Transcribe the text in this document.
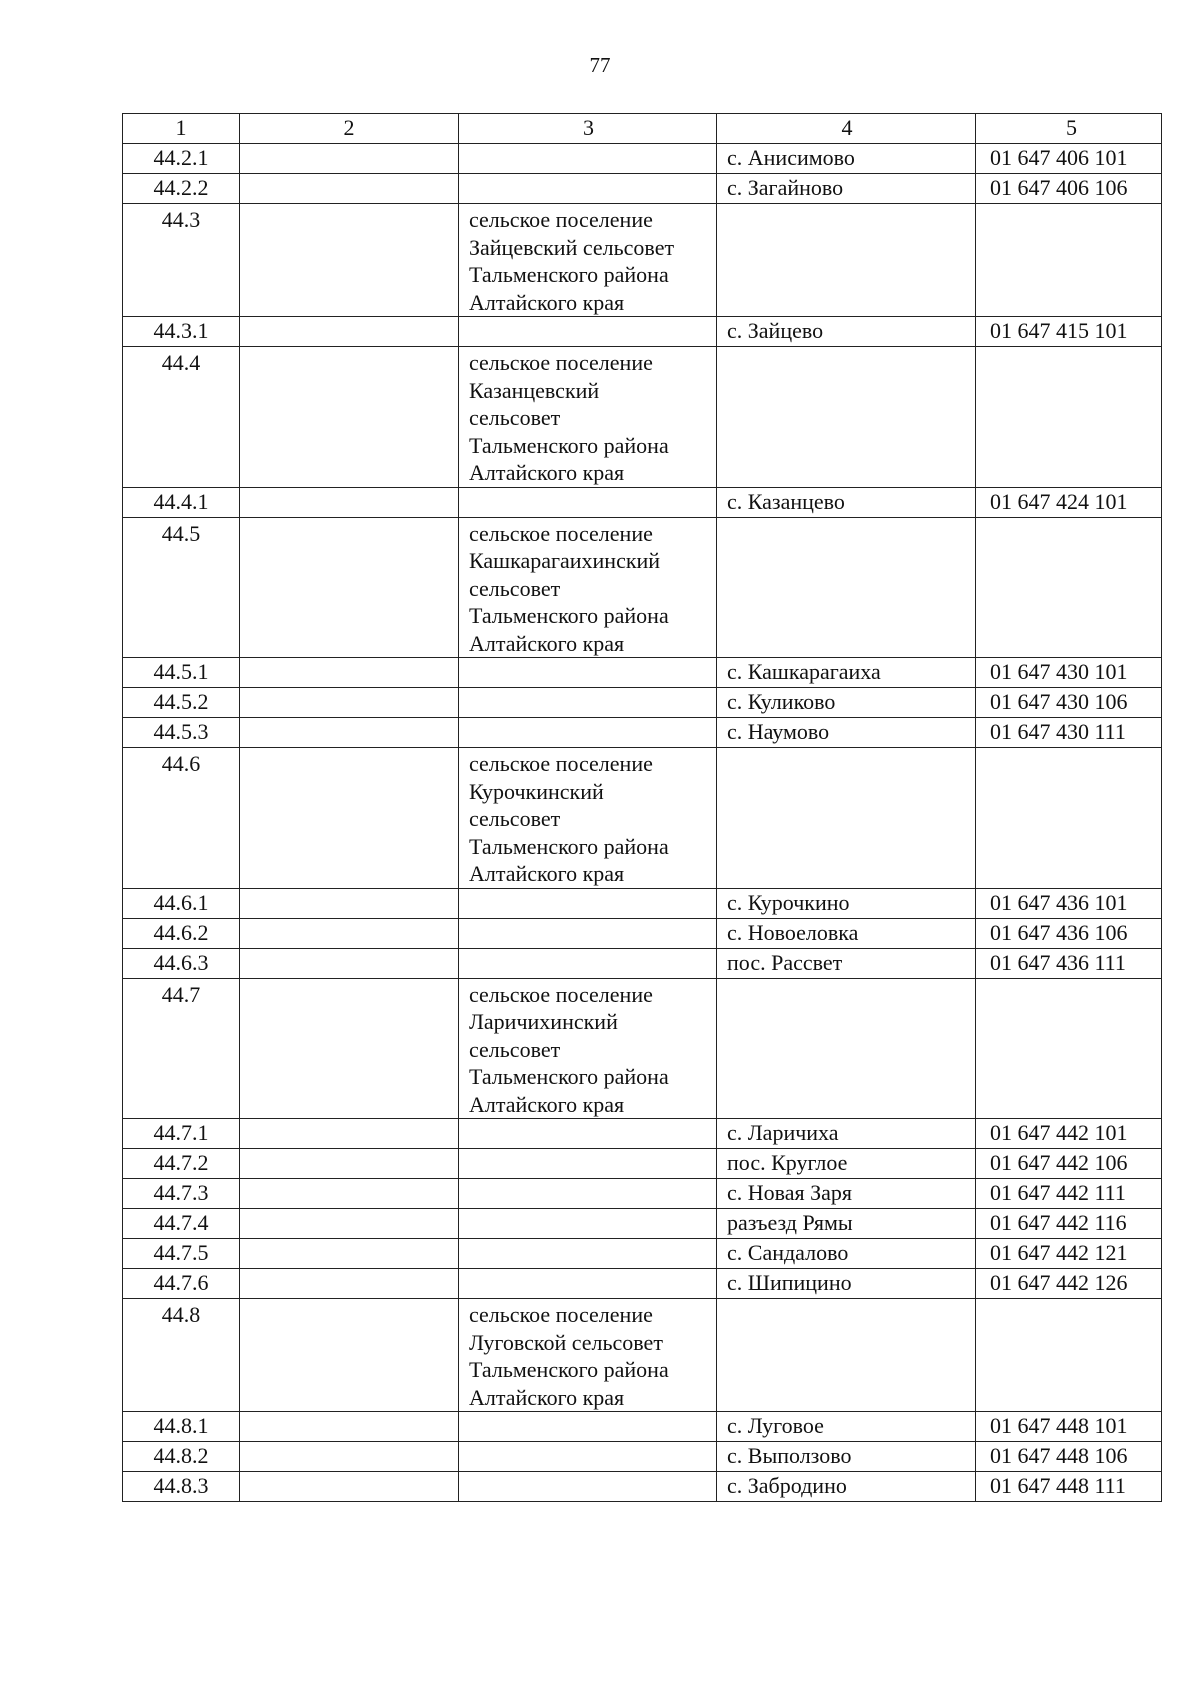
77
1	2	3	4	5
44.2.1			с. Анисимово	01 647 406 101
44.2.2			с. Загайново	01 647 406 106
44.3		сельское поселение
Зайцевский сельсовет
Тальменского района
Алтайского края		

44.3.1			с. Зайцево	01 647 415 101
44.4		сельское поселение
Казанцевский
сельсовет
Тальменского района
Алтайского края		

44.4.1			с. Казанцево	01 647 424 101
44.5		сельское поселение
Кашкарагаихинский
сельсовет
Тальменского района
Алтайского края		

44.5.1			с. Кашкарагаиха	01 647 430 101
44.5.2			с. Куликово	01 647 430 106
44.5.3			с. Наумово	01 647 430 111
44.6		сельское поселение
Курочкинский
сельсовет
Тальменского района
Алтайского края		

44.6.1			с. Курочкино	01 647 436 101
44.6.2			с. Новоеловка	01 647 436 106
44.6.3			пос. Рассвет	01 647 436 111
44.7		сельское поселение
Ларичихинский
сельсовет
Тальменского района
Алтайского края		

44.7.1			с. Ларичиха	01 647 442 101
44.7.2			пос. Круглое	01 647 442 106
44.7.3			с. Новая Заря	01 647 442 111
44.7.4			разъезд Рямы	01 647 442 116
44.7.5			с. Сандалово	01 647 442 121
44.7.6			с. Шипицино	01 647 442 126
44.8		сельское поселение
Луговской сельсовет
Тальменского района
Алтайского края		

44.8.1			с. Луговое	01 647 448 101
44.8.2			с. Выползово	01 647 448 106
44.8.3			с. Забродино	01 647 448 111
